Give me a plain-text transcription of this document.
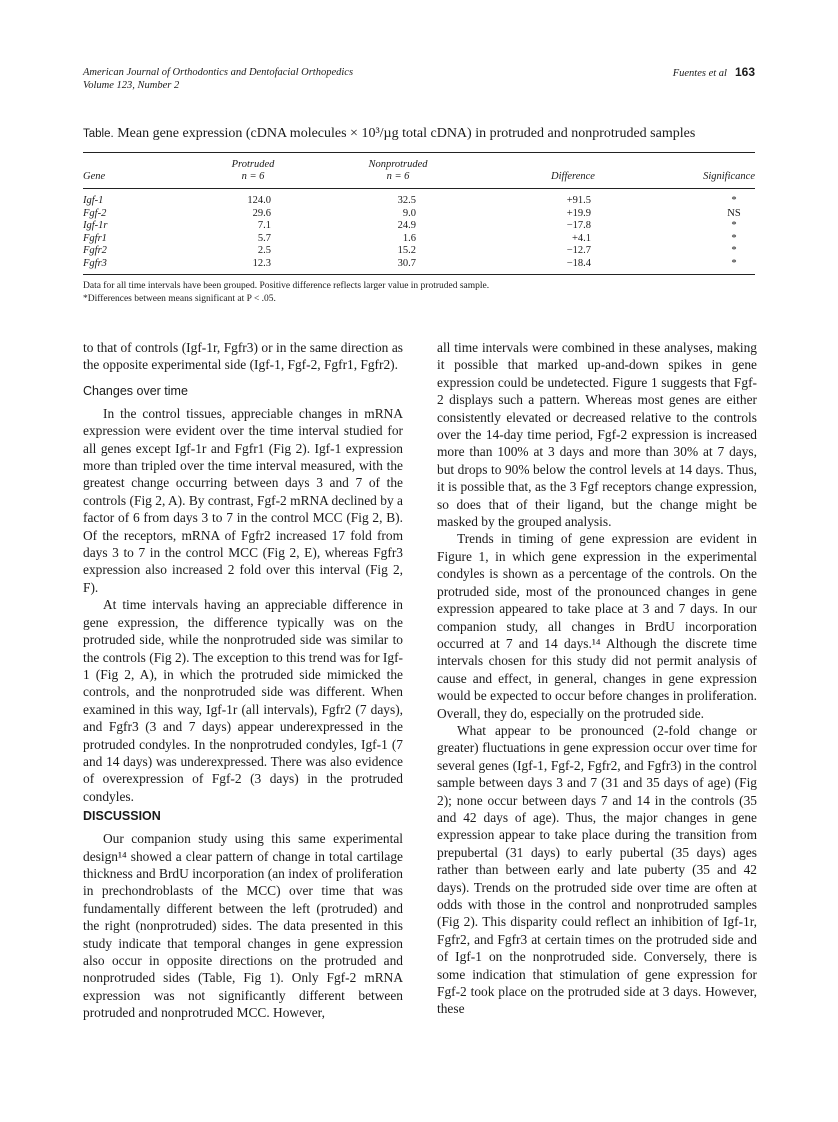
American Journal of Orthodontics and Dentofacial Orthopedics
Volume 123, Number 2
Fuentes et al 163
Table. Mean gene expression (cDNA molecules × 10³/µg total cDNA) in protruded and nonprotruded samples
	Protruded	Nonprotruded		
Gene	n = 6	n = 6	Difference	Significance
Igf-1	124.0	32.5	+91.5	*
Fgf-2	29.6	9.0	+19.9	NS
Igf-1r	7.1	24.9	−17.8	*
Fgfr1	5.7	1.6	+4.1	*
Fgfr2	2.5	15.2	−12.7	*
Fgfr3	12.3	30.7	−18.4	*
Data for all time intervals have been grouped. Positive difference reflects larger value in protruded sample.
*Differences between means significant at P < .05.

to that of controls (Igf-1r, Fgfr3) or in the same direction as the opposite experimental side (Igf-1, Fgf-2, Fgfr1, Fgfr2).

Changes over time

In the control tissues, appreciable changes in mRNA expression were evident over the time interval studied for all genes except Igf-1r and Fgfr1 (Fig 2). Igf-1 expression more than tripled over the time interval measured, with the greatest change occurring between days 3 and 7 of the controls (Fig 2, A). By contrast, Fgf-2 mRNA declined by a factor of 6 from days 3 to 7 in the control MCC (Fig 2, B). Of the receptors, mRNA of Fgfr2 increased 17 fold from days 3 to 7 in the control MCC (Fig 2, E), whereas Fgfr3 expression also increased 2 fold over this interval (Fig 2, F).

At time intervals having an appreciable difference in gene expression, the difference typically was on the protruded side, while the nonprotruded side was similar to the controls (Fig 2). The exception to this trend was for Igf-1 (Fig 2, A), in which the protruded side mimicked the controls, and the nonprotruded side was different. When examined in this way, Igf-1r (all intervals), Fgfr2 (7 days), and Fgfr3 (3 and 7 days) appear underexpressed in the protruded condyles. In the nonprotruded condyles, Igf-1 (7 and 14 days) was underexpressed. There was also evidence of overexpression of Fgf-2 (3 days) in the protruded condyles.

DISCUSSION

Our companion study using this same experimental design¹⁴ showed a clear pattern of change in total cartilage thickness and BrdU incorporation (an index of proliferation in prechondroblasts of the MCC) over time that was fundamentally different between the left (protruded) and the right (nonprotruded) sides. The data presented in this study indicate that temporal changes in gene expression also occur in opposite directions on the protruded and nonprotruded sides (Table, Fig 1). Only Fgf-2 mRNA expression was not significantly different between protruded and nonprotruded MCC. However,

all time intervals were combined in these analyses, making it possible that marked up-and-down spikes in gene expression could be undetected. Figure 1 suggests that Fgf-2 displays such a pattern. Whereas most genes are either consistently elevated or decreased relative to the controls over the 14-day time period, Fgf-2 expression is increased more than 100% at 3 days and more than 30% at 7 days, but drops to 90% below the control levels at 14 days. Thus, it is possible that, as the 3 Fgf receptors change expression, so does that of their ligand, but the change might be masked by the grouped analysis.

Trends in timing of gene expression are evident in Figure 1, in which gene expression in the experimental condyles is shown as a percentage of the controls. On the protruded side, most of the pronounced changes in gene expression appeared to take place at 3 and 7 days. In our companion study, all changes in BrdU incorporation occurred at 7 and 14 days.¹⁴ Although the discrete time intervals chosen for this study did not permit analysis of cause and effect, in general, changes in gene expression would be expected to occur before changes in proliferation. Overall, they do, especially on the protruded side.

What appear to be pronounced (2-fold change or greater) fluctuations in gene expression occur over time for several genes (Igf-1, Fgf-2, Fgfr2, and Fgfr3) in the control sample between days 3 and 7 (31 and 35 days of age) (Fig 2); none occur between days 7 and 14 in the controls (35 and 42 days of age). Thus, the major changes in gene expression appear to take place during the transition from prepubertal (31 days) to early pubertal (35 days) ages rather than between early and late puberty (35 and 42 days). Trends on the protruded side over time are often at odds with those in the control and nonprotruded samples (Fig 2). This disparity could reflect an inhibition of Igf-1r, Fgfr2, and Fgfr3 at certain times on the protruded side and of Igf-1 on the nonprotruded side. Conversely, there is some indication that stimulation of gene expression for Fgf-2 took place on the protruded side at 3 days. However, these
